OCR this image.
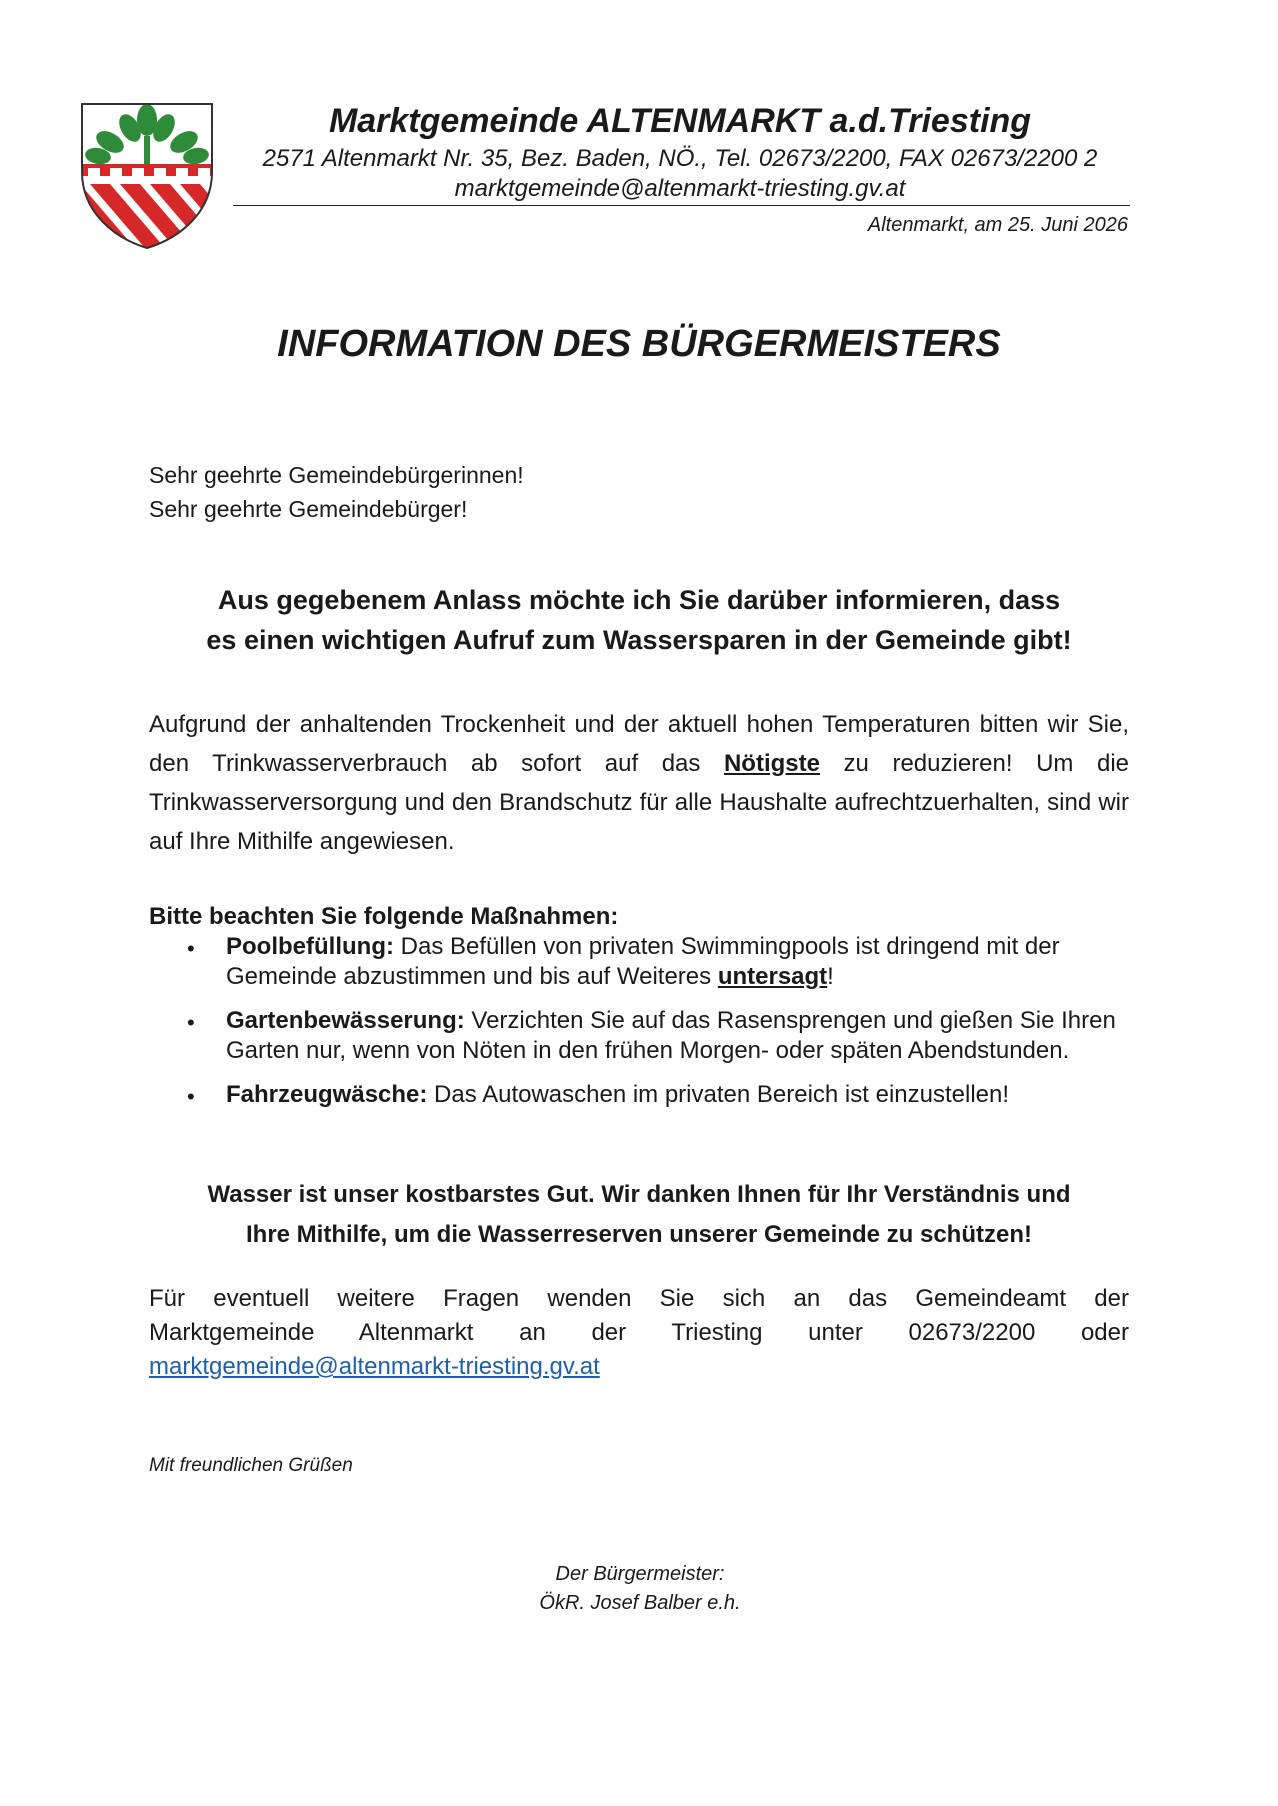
Marktgemeinde ALTENMARKT a.d.Triesting
2571 Altenmarkt Nr. 35, Bez. Baden, NÖ., Tel. 02673/2200, FAX 02673/2200 2
marktgemeinde@altenmarkt-triesting.gv.at
Altenmarkt, am 25. Juni 2026
INFORMATION DES BÜRGERMEISTERS
Sehr geehrte Gemeindebürgerinnen!
Sehr geehrte Gemeindebürger!
Aus gegebenem Anlass möchte ich Sie darüber informieren, dass
es einen wichtigen Aufruf zum Wassersparen in der Gemeinde gibt!
Aufgrund der anhaltenden Trockenheit und der aktuell hohen Temperaturen bitten wir Sie, den Trinkwasserverbrauch ab sofort auf das Nötigste zu reduzieren! Um die Trinkwasserversorgung und den Brandschutz für alle Haushalte aufrechtzuerhalten, sind wir auf Ihre Mithilfe angewiesen.
Bitte beachten Sie folgende Maßnahmen:
• Poolbefüllung: Das Befüllen von privaten Swimmingpools ist dringend mit der Gemeinde abzustimmen und bis auf Weiteres untersagt!
• Gartenbewässerung: Verzichten Sie auf das Rasensprengen und gießen Sie Ihren Garten nur, wenn von Nöten in den frühen Morgen- oder späten Abendstunden.
• Fahrzeugwäsche: Das Autowaschen im privaten Bereich ist einzustellen!
Wasser ist unser kostbarstes Gut. Wir danken Ihnen für Ihr Verständnis und
Ihre Mithilfe, um die Wasserreserven unserer Gemeinde zu schützen!
Für eventuell weitere Fragen wenden Sie sich an das Gemeindeamt der
Marktgemeinde Altenmarkt an der Triesting unter 02673/2200 oder
marktgemeinde@altenmarkt-triesting.gv.at
Mit freundlichen Grüßen
Der Bürgermeister:
ÖkR. Josef Balber e.h.
